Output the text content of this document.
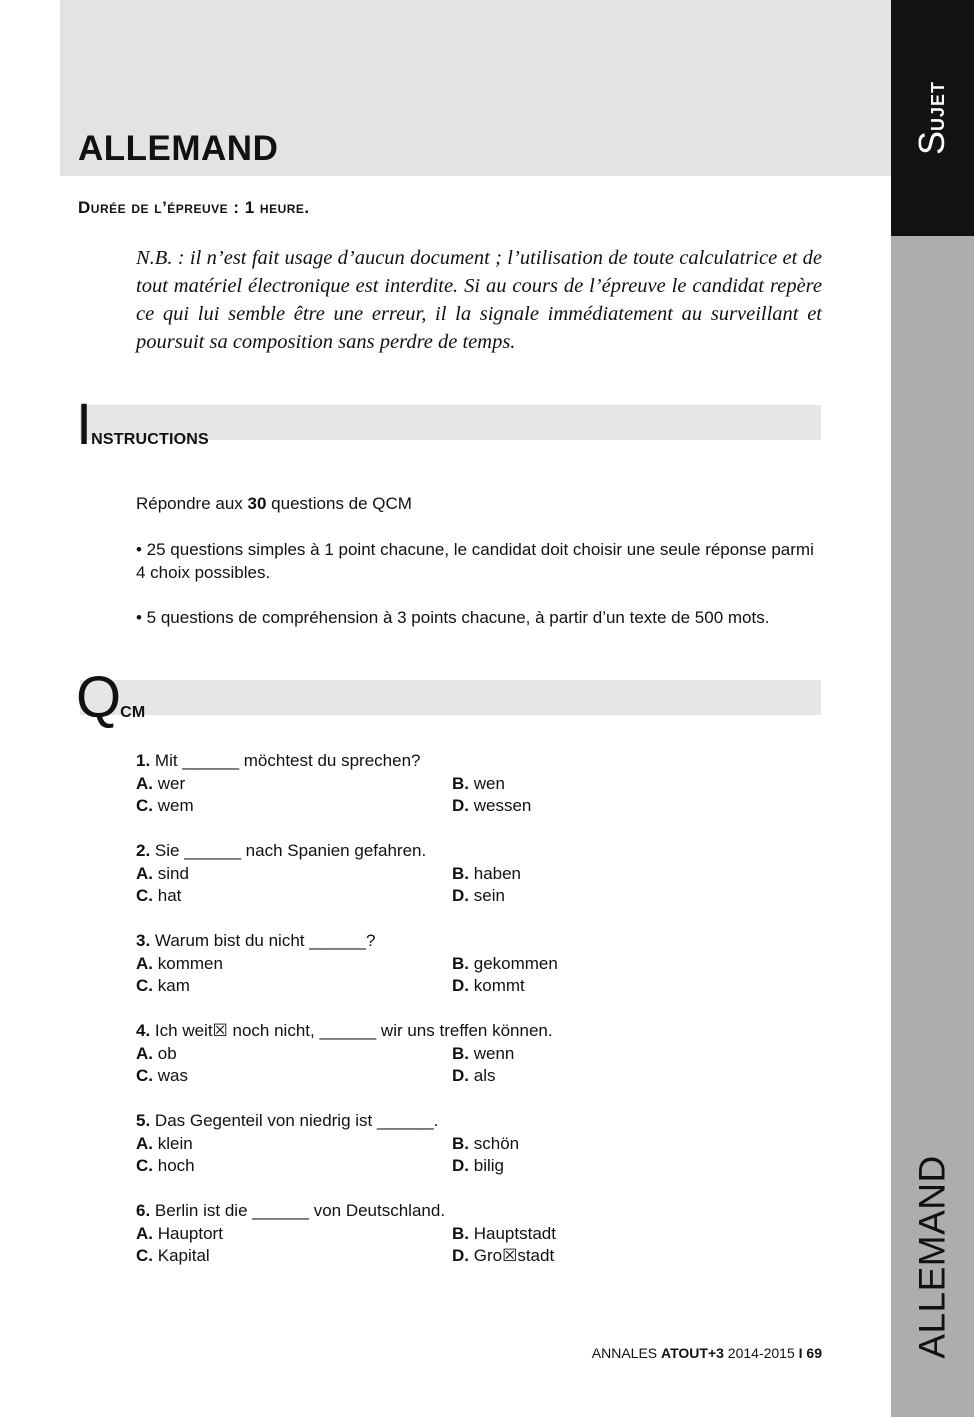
ALLEMAND
Durée de l’épreuve : 1 heure.

N.B. : il n’est fait usage d’aucun document ; l’utilisation de toute calculatrice et de tout matériel électronique est interdite. Si au cours de l’épreuve le candidat repère ce qui lui semble être une erreur, il la signale immédiatement au surveillant et poursuit sa composition sans perdre de temps.

Instructions

Répondre aux 30 questions de QCM

• 25 questions simples à 1 point chacune, le candidat doit choisir une seule réponse parmi 4 choix possibles.

• 5 questions de compréhension à 3 points chacune, à partir d’un texte de 500 mots.

Qcm
1. Mit ______ möchtest du sprechen?
A. wer	B. wen
C. wem	D. wessen
2. Sie ______ nach Spanien gefahren.
A. sind	B. haben
C. hat	D. sein
3. Warum bist du nicht ______?
A. kommen	B. gekommen
C. kam	D. kommt
4. Ich weit☒ noch nicht, ______ wir uns treffen können.
A. ob	B. wenn
C. was	D. als
5. Das Gegenteil von niedrig ist ______.
A. klein	B. schön
C. hoch	D. bilig
6. Berlin ist die ______ von Deutschland.
A. Hauptort	B. Hauptstadt
C. Kapital	D. Gro☒stadt
ANNALES ATOUT+3 2014-2015 I 69
Sujet
ALLEMAND
